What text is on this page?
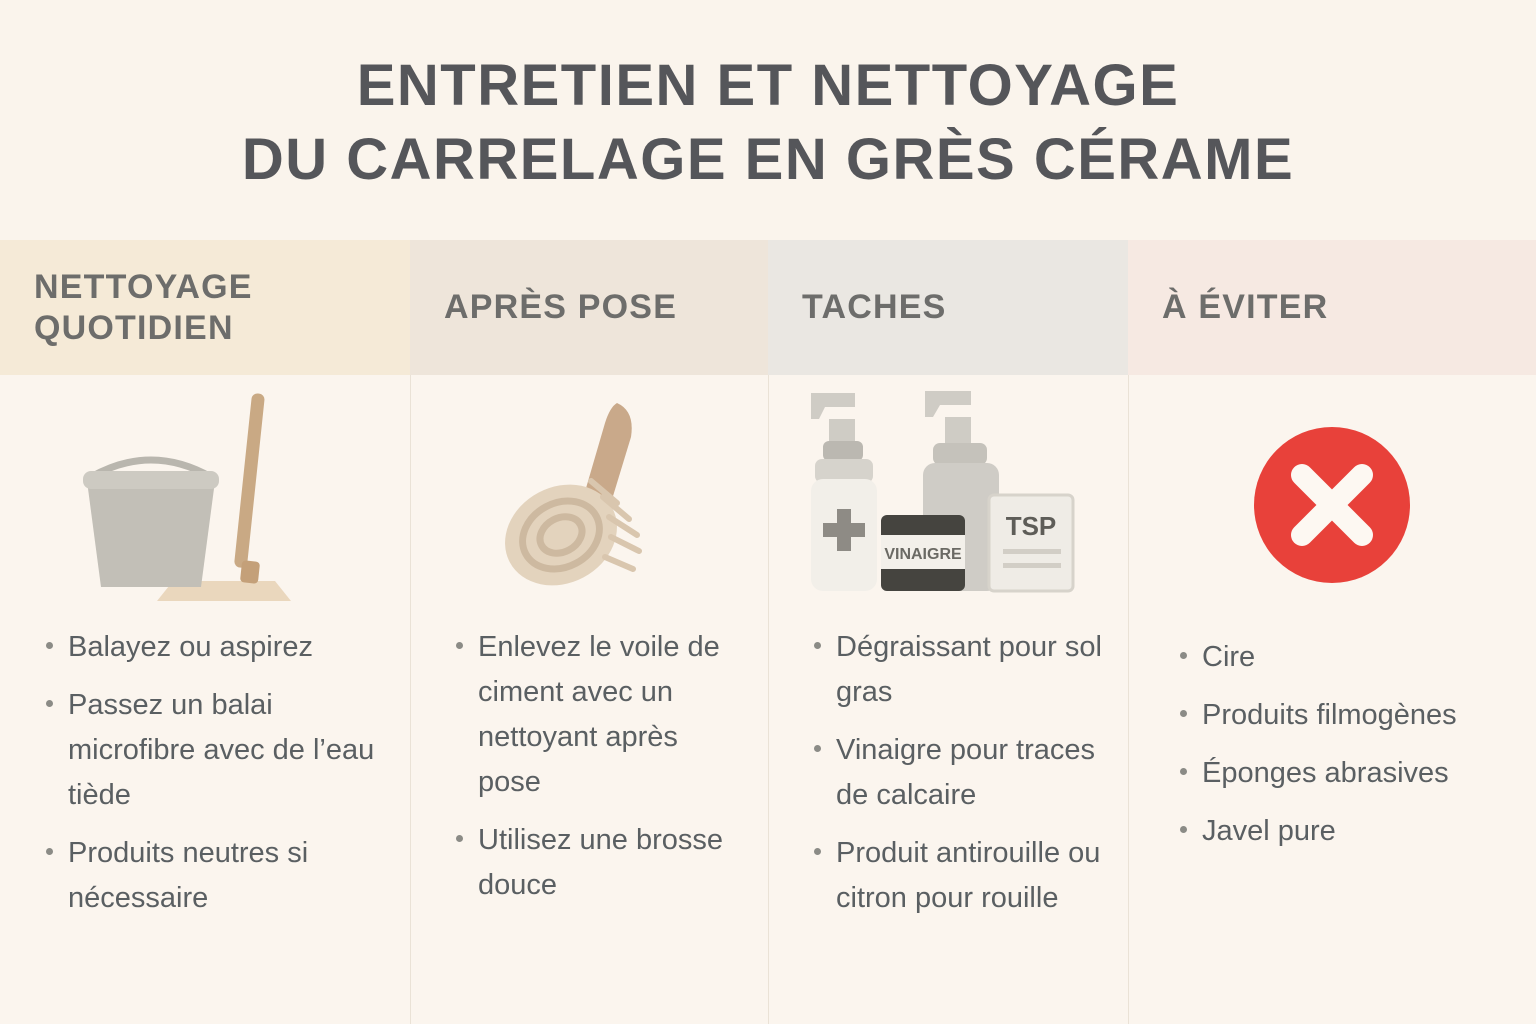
ENTRETIEN ET NETTOYAGE
DU CARRELAGE EN GRÈS CÉRAME
NETTOYAGE QUOTIDIEN
Balayez ou aspirez
Passez un balai microfibre avec de l’eau tiède
Produits neutres si nécessaire
APRÈS POSE
Enlevez le voile de ciment avec un nettoyant après pose
Utilisez une brosse douce
TACHES
VINAIGRE
TSP
Dégraissant pour sol gras
Vinaigre pour traces de calcaire
Produit antirouille ou citron pour rouille
À ÉVITER
Cire
Produits filmogènes
Éponges abrasives
Javel pure
